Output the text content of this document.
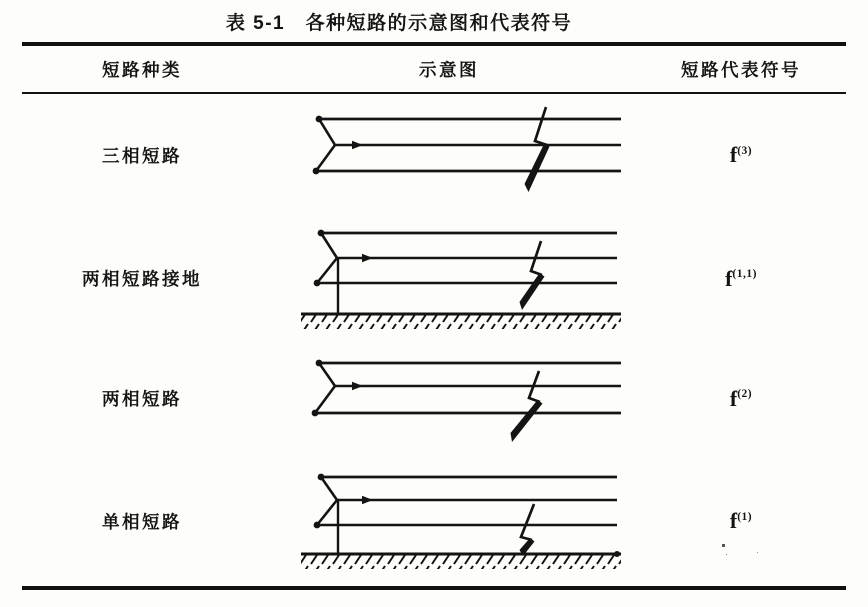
表 5-1　各种短路的示意图和代表符号
短路种类	示意图	短路代表符号
三相短路	$f^{(3)}$
两相短路接地	$f^{(1,1)}$
两相短路	$f^{(2)}$
单相短路	$f^{(1)}$
